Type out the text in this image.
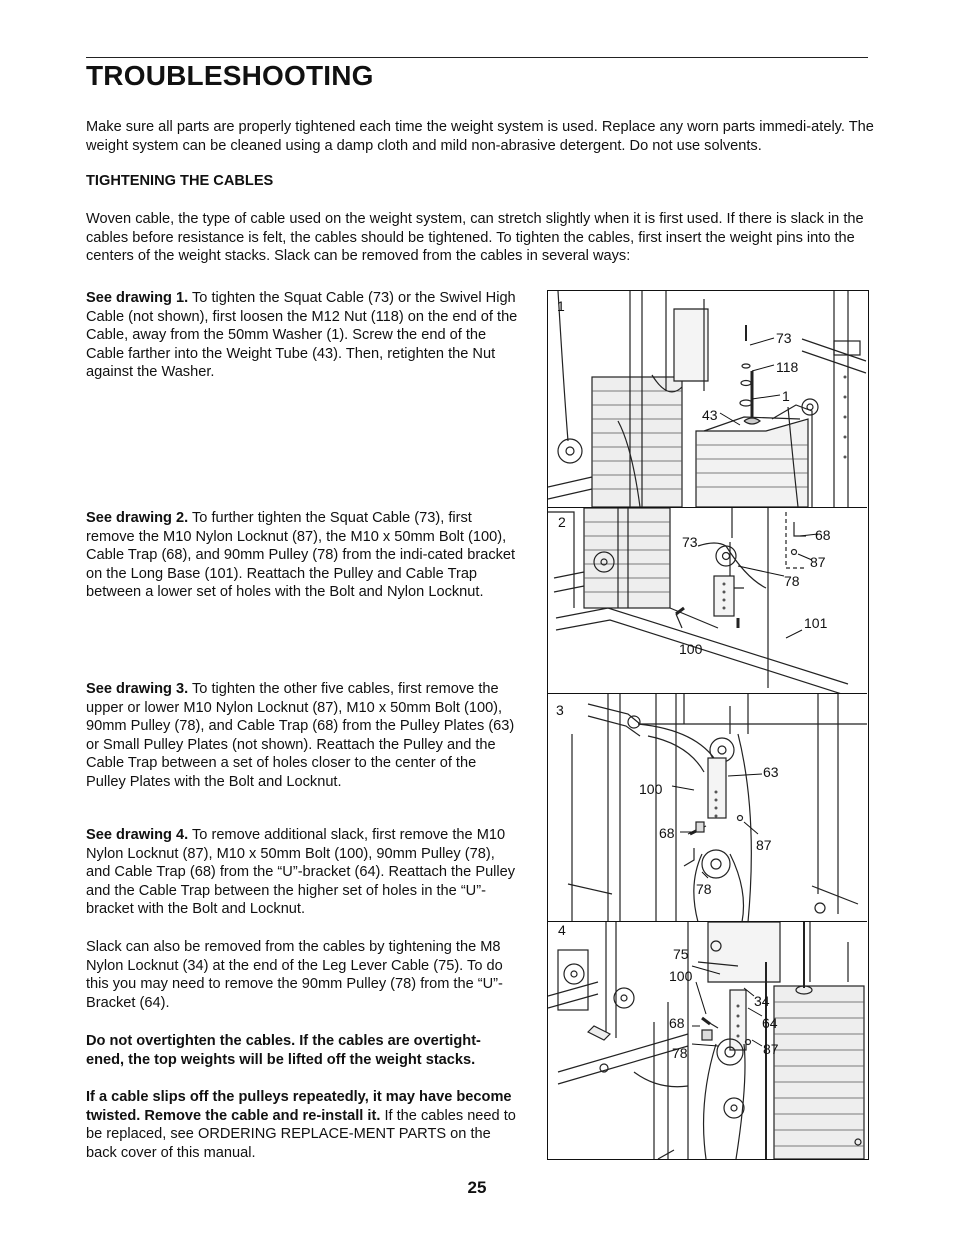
TROUBLESHOOTING

Make sure all parts are properly tightened each time the weight system is used. Replace any worn parts immedi-ately. The weight system can be cleaned using a damp cloth and mild non-abrasive detergent. Do not use solvents.

TIGHTENING THE CABLES

Woven cable, the type of cable used on the weight system, can stretch slightly when it is first used. If there is slack in the cables before resistance is felt, the cables should be tightened. To tighten the cables, first insert the weight pins into the centers of the weight stacks. Slack can be removed from the cables in several ways:

See drawing 1. To tighten the Squat Cable (73) or the Swivel High Cable (not shown), first loosen the M12 Nut (118) on the end of the Cable, away from the 50mm Washer (1). Screw the end of the Cable farther into the Weight Tube (43). Then, retighten the Nut against the Washer.

See drawing 2. To further tighten the Squat Cable (73), first remove the M10 Nylon Locknut (87), the M10 x 50mm Bolt (100), Cable Trap (68), and 90mm Pulley (78) from the indi-cated bracket on the Long Base (101). Reattach the Pulley and Cable Trap between a lower set of holes with the Bolt and Nylon Locknut.

See drawing 3. To tighten the other five cables, first remove the upper or lower M10 Nylon Locknut (87), M10 x 50mm Bolt (100), 90mm Pulley (78), and Cable Trap (68) from the Pulley Plates (63) or Small Pulley Plates (not shown). Reattach the Pulley and the Cable Trap between a set of holes closer to the center of the Pulley Plates with the Bolt and Locknut.

See drawing 4. To remove additional slack, first remove the M10 Nylon Locknut (87), M10 x 50mm Bolt (100), 90mm Pulley (78), and Cable Trap (68) from the “U”-bracket (64). Reattach the Pulley and the Cable Trap between the higher set of holes in the “U”-bracket with the Bolt and Locknut.

Slack can also be removed from the cables by tightening the M8 Nylon Locknut (34) at the end of the Leg Lever Cable (75). To do this you may need to remove the 90mm Pulley (78) from the “U”-Bracket (64).

Do not overtighten the cables. If the cables are overtight-ened, the top weights will be lifted off the weight stacks.

If a cable slips off the pulleys repeatedly, it may have become twisted. Remove the cable and re-install it. If the cables need to be replaced, see ORDERING REPLACE-MENT PARTS on the back cover of this manual.

25
1
73
118
1
43
2
73	68
87
78
101
100
3
63
100
68
87
78
4
75
100
34
64
68
78	87
